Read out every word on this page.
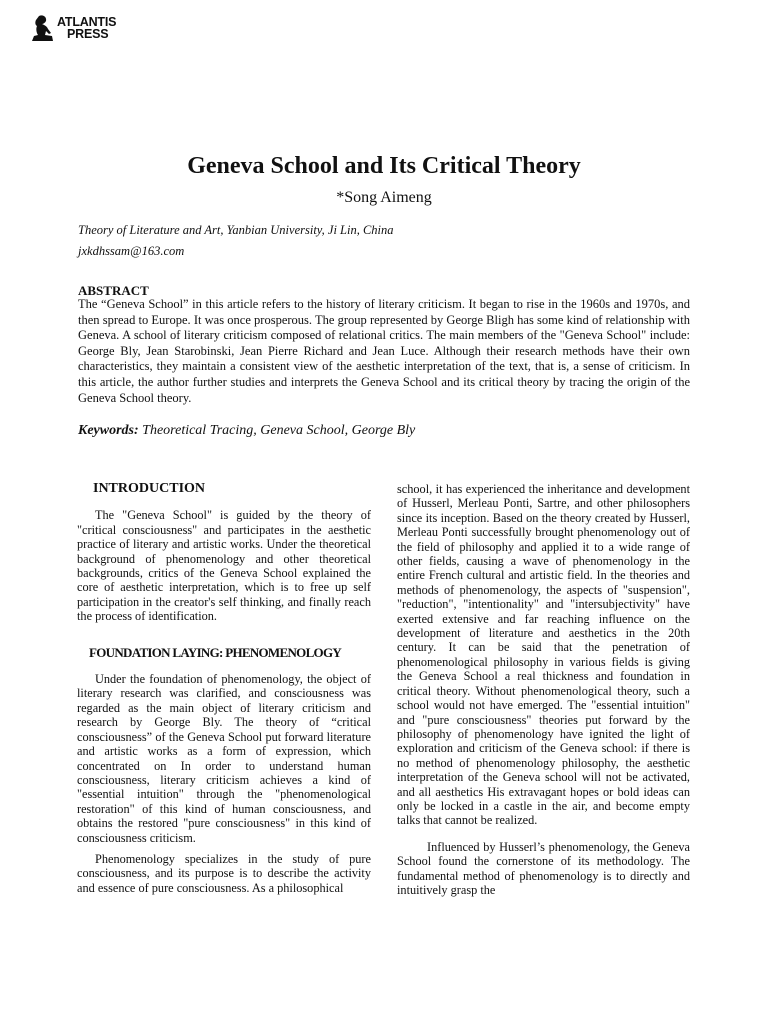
ATLANTIS
PRESS
Geneva School and Its Critical Theory
*Song Aimeng
Theory of Literature and Art, Yanbian University, Ji Lin, China
jxkdhssam@163.com
ABSTRACT

The “Geneva School” in this article refers to the history of literary criticism. It began to rise in the 1960s and 1970s, and then spread to Europe. It was once prosperous. The group represented by George Bligh has some kind of relationship with Geneva. A school of literary criticism composed of relational critics. The main members of the "Geneva School" include: George Bly, Jean Starobinski, Jean Pierre Richard and Jean Luce. Although their research methods have their own characteristics, they maintain a consistent view of the aesthetic interpretation of the text, that is, a sense of criticism. In this article, the author further studies and interprets the Geneva School and its critical theory by tracing the origin of the Geneva School theory.

Keywords: Theoretical Tracing, Geneva School, George Bly
INTRODUCTION

The "Geneva School" is guided by the theory of "critical consciousness" and participates in the aesthetic practice of literary and artistic works. Under the theoretical background of phenomenology and other theoretical backgrounds, critics of the Geneva School explained the core of aesthetic interpretation, which is to free up self participation in the creator's self thinking, and finally reach the process of identification.

FOUNDATION LAYING: PHENOMENOLOGY

Under the foundation of phenomenology, the object of literary research was clarified, and consciousness was regarded as the main object of literary criticism and research by George Bly. The theory of “critical consciousness” of the Geneva School put forward literature and artistic works as a form of expression, which concentrated on In order to understand human consciousness, literary criticism achieves a kind of "essential intuition" through the "phenomenological restoration" of this kind of human consciousness, and obtains the restored "pure consciousness" in this kind of consciousness criticism.

Phenomenology specializes in the study of pure consciousness, and its purpose is to describe the activity and essence of pure consciousness. As a philosophical

school, it has experienced the inheritance and development of Husserl, Merleau Ponti, Sartre, and other philosophers since its inception. Based on the theory created by Husserl, Merleau Ponti successfully brought phenomenology out of the field of philosophy and applied it to a wide range of other fields, causing a wave of phenomenology in the entire French cultural and artistic field. In the theories and methods of phenomenology, the aspects of "suspension", "reduction", "intentionality" and "intersubjectivity" have exerted extensive and far reaching influence on the development of literature and aesthetics in the 20th century. It can be said that the penetration of phenomenological philosophy in various fields is giving the Geneva School a real thickness and foundation in critical theory. Without phenomenological theory, such a school would not have emerged. The "essential intuition" and "pure consciousness" theories put forward by the philosophy of phenomenology have ignited the light of exploration and criticism of the Geneva school: if there is no method of phenomenology philosophy, the aesthetic interpretation of the Geneva school will not be activated, and all aesthetics His extravagant hopes or bold ideas can only be locked in a castle in the air, and become empty talks that cannot be realized.

Influenced by Husserl’s phenomenology, the Geneva School found the cornerstone of its methodology. The fundamental method of phenomenology is to directly and intuitively grasp the
